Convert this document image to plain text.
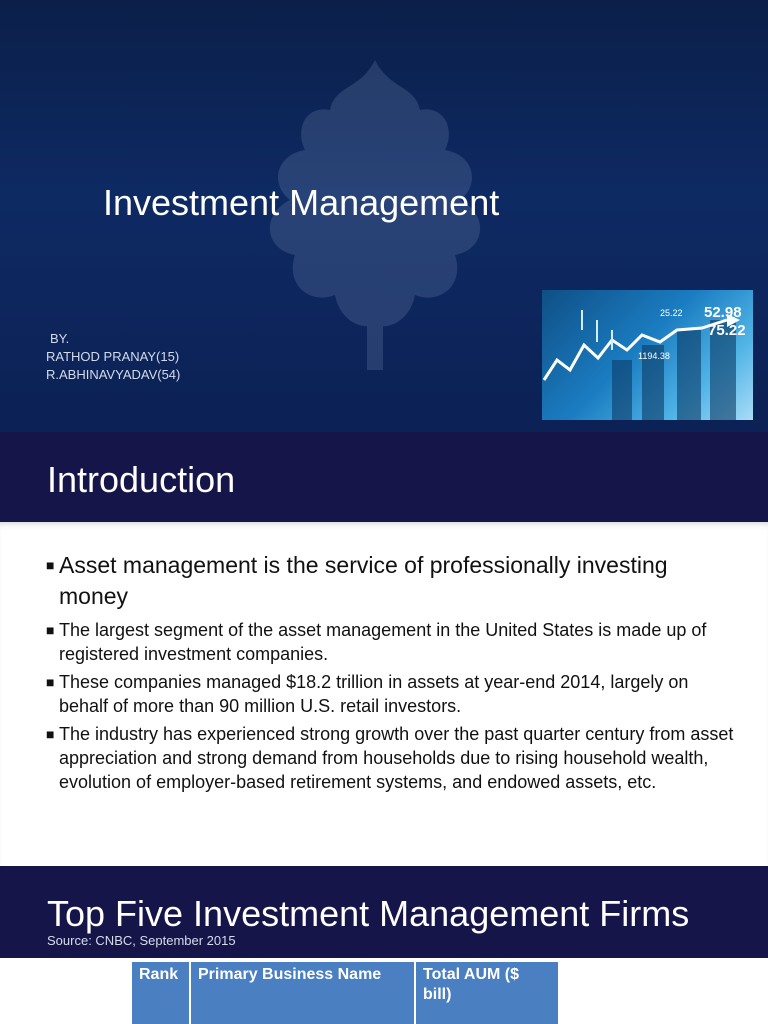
Investment Management
BY.
RATHOD PRANAY(15)
R.ABHINAVYADAV(54)
52.98
75.22
25.22
1194.38
Introduction
■ Asset management is the service of professionally investing money
■ The largest segment of the asset management in the United States is made up of registered investment companies.
■ These companies managed $18.2 trillion in assets at year-end 2014, largely on behalf of more than 90 million U.S. retail investors.
■ The industry has experienced strong growth over the past quarter century from asset appreciation and strong demand from households due to rising household wealth, evolution of employer-based retirement systems, and endowed assets, etc.
Top Five Investment Management Firms
Source: CNBC, September 2015
Rank	Primary Business Name	Total AUM ($ bill)
